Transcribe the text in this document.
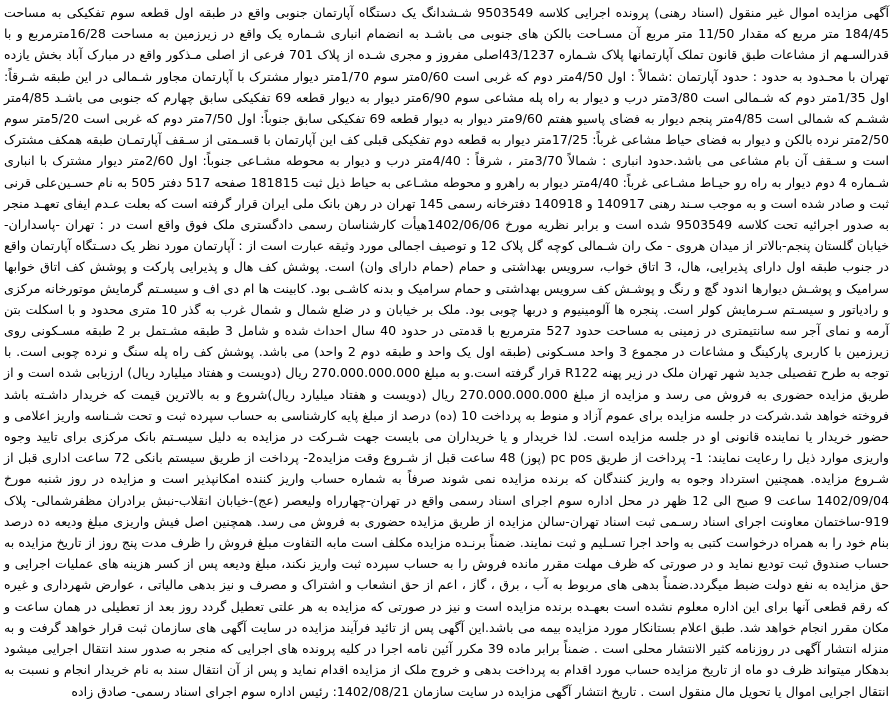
آگهی مزایده اموال غیر منقول (اسناد رهنی) پرونده اجرایی کلاسه 9503549 شـشدانگ یک دستگاه آپارتمان جنوبی واقع در طبقه اول قطعه سوم تفکیکی به مساحت 184/45 متر مربع که مقدار 11/50 متر مربع آن مسـاحت بالکن های جنوبی می باشـد به انضمام انباری شـماره یک واقع در زیرزمین به مساحت 16/28مترمربع و با قدرالسـهم از مشاعات طبق قانون تملک آپارتمانها پلاک شـماره 43/1237اصلی مفروز و مجری شـده از پلاک 701 فرعی از اصلی مـذکور واقع در مبارک آباد بخش یازده تهران با محـدود به حدود : حدود آپارتمان :شمالاً : اول 4/50متر دوم که غربی است 0/60متر سوم 1/70متر دیوار مشترک با آپارتمان مجاور شـمالی در این طبقه شـرقاً: اول 1/35متر دوم که شـمالی است 3/80متر درب و دیوار به راه پله مشاعی سوم 6/90متر دیوار به دیوار قطعه 69 تفکیکی سابق چهارم که جنوبی می باشـد 4/85متر ششـم که شمالی است 4/85متر پنجم دیوار به فضای پاسیو هفتم 9/60متر دیوار به دیوار قطعه 69 تفکیکی سابق جنوباً: اول 7/50متر دوم که غربی است 5/20متر سوم 2/50متر نرده بالکن و دیوار به فضای حیاط مشاعی غرباً: 17/25متر دیوار به قطعه دوم تفکیکی قبلی کف این آپارتمان با قسـمتی از سـقف آپارتمـان طبقه همکف مشترک است و سـقف آن بام مشاعی می باشد.حدود انباری : شمالاً 3/70متر ، شرقاً : 4/40متر درب و دیوار به محوطه مشـاعی جنوباً: اول 2/60متر دیوار مشترک با انباری شـماره 4 دوم دیوار به راه رو حیـاط مشـاعی غرباً: 4/40متر دیوار به راهرو و محوطه مشـاعی به حیاط ذیل ثبت 181815 صفحه 517 دفتر 505 به نام حسـین‌علی قرنی ثبت و صادر شده است و به موجب سـند رهنی 140917 و 140918 دفترخانه رسمی 145 تهران در رهن بانک ملی ایران قرار گرفته است که بعلت عـدم ایفای تعهـد منجر به صدور اجرائیه تحت کلاسه 9503549 شده است و برابر نظریه مورخ 1402/06/06هیأت کارشناسان رسمی دادگستری ملک فوق واقع است در : تهران -پاسداران-خیابان گلستان پنجم-بالاتر از میدان هروی - مک ران شـمالی کوچه گل پلاک 12 و توصیف اجمالی مورد وثیقه عبارت است از : آپارتمان مورد نظر یک دسـتگاه آپارتمان واقع در جنوب طبقه اول دارای پذیرایی، هال، 3 اتاق خواب، سرویس بهداشتی و حمام (حمام دارای وان) است. پوشش کف هال و پذیرایی پارکت و پوشش کف اتاق خوابها سرامیک و پوشـش دیوارها اندود گچ و رنگ و پوشـش کف سرویس بهداشتی و حمام سرامیک و بدنه کاشـی بود. کابینت ها ام دی اف و سیسـتم گرمایش موتورخانه مرکزی و رادیاتور و سیسـتم سـرمایش کولر است. پنجره ها آلومینیوم و دربها چوبی بود. ملک بر خیابان و در ضلع شمال و شمال غرب به گذر 10 متری محدود و با اسکلت بتن آرمه و نمای آجر سه سانتیمتری در زمینی به مساحت حدود 527 مترمربع با قدمتی در حدود 40 سال احداث شده و شامل 3 طبقه مشـتمل بر 2 طبقه مسـکونی روی زیرزمین با کاربری پارکینگ و مشاعات در مجموع 3 واحد مسـکونی (طبقه اول یک واحد و طبقه دوم 2 واحد) می باشد. پوشش کف راه پله سنگ و نرده چوبی است. با توجه به طرح تفصیلی جدید شهر تهران ملک در زیر پهنه R122 قرار گرفته است.و به مبلغ 270.000.000.000 ریال (دویست و هفتاد میلیارد ریال) ارزیابی شده است و از طریق مزایده حضوری به فروش می رسد و مزایده از مبلغ 270.000.000.000 ریال (دویست و هفتاد میلیارد ریال)شروع و به بالاترین قیمت که خریدار داشـته باشد فروخته خواهد شد.شرکت در جلسه مزایده برای عموم آزاد و منوط به پرداخت 10 (ده) درصد از مبلغ پایه کارشناسی به حساب سپرده ثبت و تحت شـناسه واریز اعلامی و حضور خریدار یا نماینده قانونی او در جلسه مزایده است. لذا خریدار و یا خریداران می بایست جهت شـرکت در مزایده به دلیل سیسـتم بانک مرکزی برای تایید وجوه واریزی موارد ذیل را رعایت نمایند: 1- پرداخت از طریق pc pos (پوز) 48 ساعت قبل از شـروع وقت مزایده2- پرداخت از طریق سیستم بانکی 72 ساعت اداری قبل از شـروع مزایده. همچنین استرداد وجوه به واریز کنندگان که برنده مزایده نمی شوند صرفاً به شماره حساب واریز کننده امکانپذیر است و مزایده در روز شنبه مورخ 1402/09/04 ساعت 9 صبح الی 12 ظهر در محل اداره سوم اجرای اسناد رسمی واقع در تهران-چهارراه ولیعصر (عج)-خیابان انقلاب-نبش برادران مظفرشمالی- پلاک 919-ساختمان معاونت اجرای اسناد رسـمی ثبت اسناد تهران-سالن مزایده از طریق مزایده حضوری به فروش می رسد. همچنین اصل فیش واریزی مبلغ ودیعه ده درصد بنام خود را به همراه درخواست کتبی به واحد اجرا تسـلیم و ثبت نمایند. ضمناً برنـده مزایده مکلف است مابه التفاوت مبلغ فروش را ظرف مدت پنج روز از تاریخ مزایده به حساب صندوق ثبت تودیع نماید و در صورتی که ظرف مهلت مقرر مانده فروش را به حساب سپرده ثبت واریز نکند، مبلغ ودیعه پس از کسر هزینه های عملیات اجرایی و حق مزایده به نفع دولت ضبط میگردد.ضمناً بدهی های مربوط به آب ، برق ، گاز ، اعم از حق انشعاب و اشتراک و مصرف و نیز بدهی مالیاتی ، عوارض شهرداری و غیره که رقم قطعی آنها برای این اداره معلوم نشده است بعهـده برنده مزایده است و نیز در صورتی که مزایده به هر علتی تعطیل گردد روز بعد از تعطیلی در همان ساعت و مکان مقرر انجام خواهد شد. طبق اعلام بستانکار مورد مزایده بیمه می باشد.این آگهی پس از تائید فرآیند مزایده در سایت آگهی های سازمان ثبت قرار خواهد گرفت و به منزله انتشار آگهی در روزنامه کثیر الانتشار محلی است . ضمناً برابر ماده 39 مکرر آئین نامه اجرا در کلیه پرونده های اجرایی که منجر به صدور سند انتقال اجرایی میشود بدهکار میتواند ظرف دو ماه از تاریخ مزایده حساب مورد اقدام به پرداخت بدهی و خروج ملک از مزایده اقدام نماید و پس از آن انتقال سند به نام خریدار انجام و نسبت به انتقال اجرایی اموال یا تحویل مال منقول است . تاریخ انتشار آگهی مزایده در سایت سازمان 1402/08/21: رئیس اداره سوم اجرای اسناد رسمی- صادق زاده
